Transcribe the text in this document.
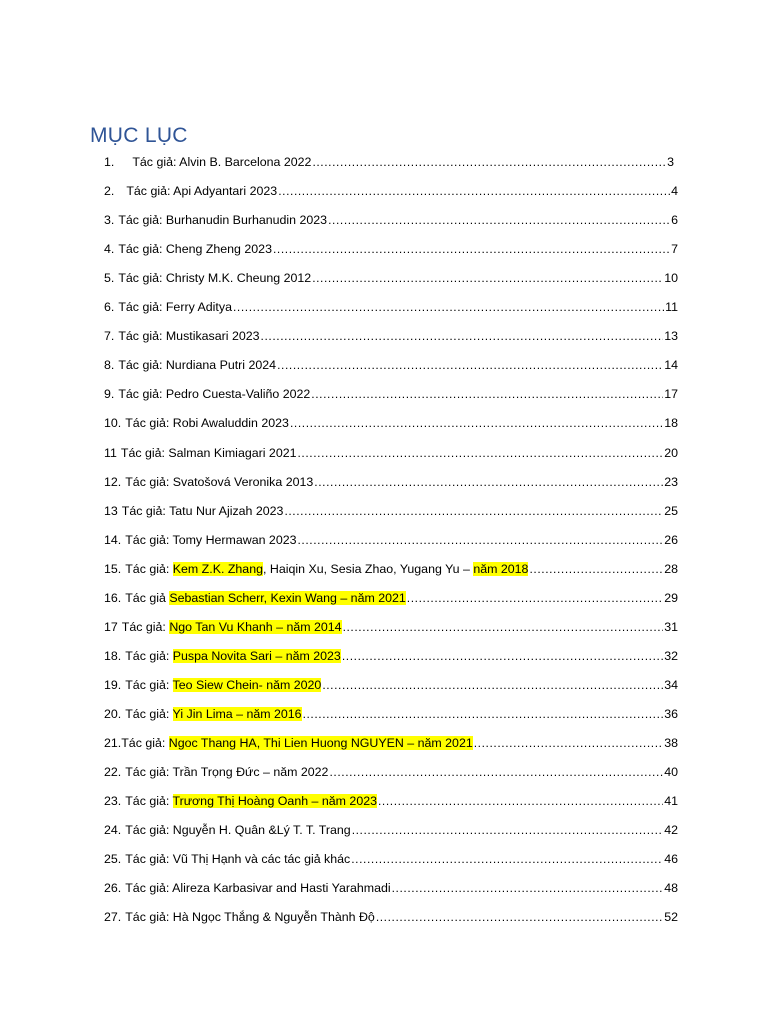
MỤC LỤC
1. Tác giả: Alvin B. Barcelona 2022 .....	3
2. Tác giả: Api Adyantari 2023 .....	4
3. Tác giả: Burhanudin Burhanudin 2023 .....	6
4. Tác giả: Cheng Zheng 2023 .....	7
5. Tác giả: Christy M.K. Cheung 2012 .....	10
6. Tác giả: Ferry Aditya .....	11
7. Tác giả: Mustikasari 2023 .....	13
8. Tác giả: Nurdiana Putri 2024 .....	14
9. Tác giả: Pedro Cuesta-Valiño 2022 .....	17
10. Tác giả: Robi Awaluddin 2023 .....	18
11 Tác giả: Salman Kimiagari 2021 .....	20
12. Tác giả: Svatošová Veronika 2013 .....	23
13 Tác giả: Tatu Nur Ajizah 2023 .....	25
14. Tác giả: Tomy Hermawan 2023 .....	26
15. Tác giả: Kem Z.K. Zhang, Haiqin Xu, Sesia Zhao, Yugang Yu – năm 2018 .....	28
16. Tác giả Sebastian Scherr, Kexin Wang – năm 2021 .....	29
17 Tác giả: Ngo Tan Vu Khanh – năm 2014 .....	31
18. Tác giả: Puspa Novita Sari – năm 2023 .....	32
19. Tác giả: Teo Siew Chein- năm 2020 .....	34
20. Tác giả: Yi Jin Lima – năm 2016 .....	36
21.Tác giả: Ngoc Thang HA, Thi Lien Huong NGUYEN – năm 2021 .....	38
22. Tác giả: Trần Trọng Đức – năm 2022 .....	40
23. Tác giả: Trương Thị Hoàng Oanh – năm 2023 .....	41
24. Tác giả: Nguyễn H. Quân &Lý T. T. Trang .....	42
25. Tác giả: Vũ Thị Hạnh và các tác giả khác .....	46
26. Tác giả: Alireza Karbasivar and Hasti Yarahmadi .....	48
27. Tác giả: Hà Ngọc Thắng & Nguyễn Thành Độ .....	52
